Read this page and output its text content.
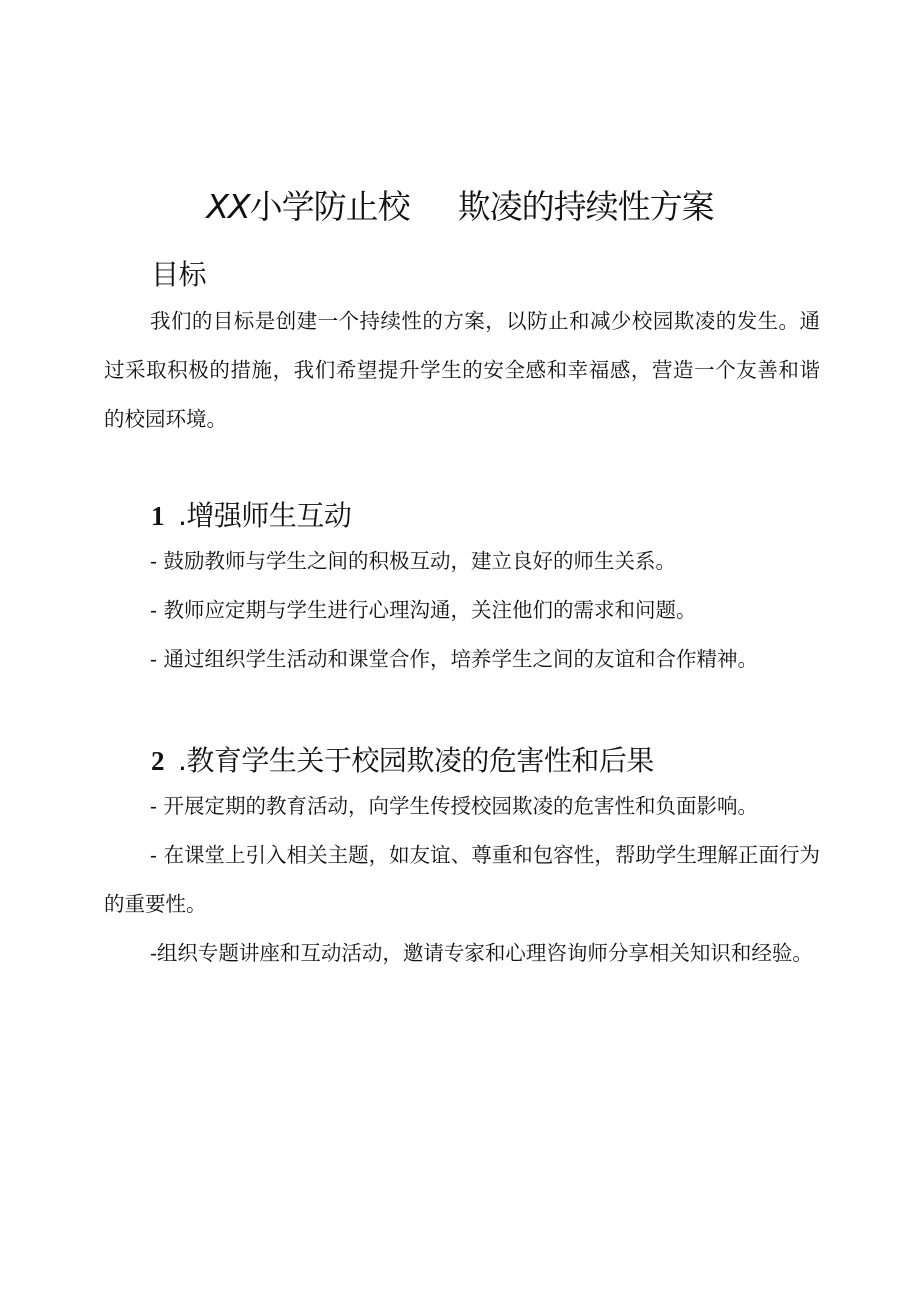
XX小学防止校 欺凌的持续性方案
目标

我们的目标是创建一个持续性的方案，以防止和减少校园欺凌的发生。通过采取积极的措施，我们希望提升学生的安全感和幸福感，营造一个友善和谐的校园环境。

1 .增强师生互动

- 鼓励教师与学生之间的积极互动，建立良好的师生关系。

- 教师应定期与学生进行心理沟通，关注他们的需求和问题。

- 通过组织学生活动和课堂合作，培养学生之间的友谊和合作精神。

2 .教育学生关于校园欺凌的危害性和后果

- 开展定期的教育活动，向学生传授校园欺凌的危害性和负面影响。

- 在课堂上引入相关主题，如友谊、尊重和包容性，帮助学生理解正面行为的重要性。

-组织专题讲座和互动活动，邀请专家和心理咨询师分享相关知识和经验。
